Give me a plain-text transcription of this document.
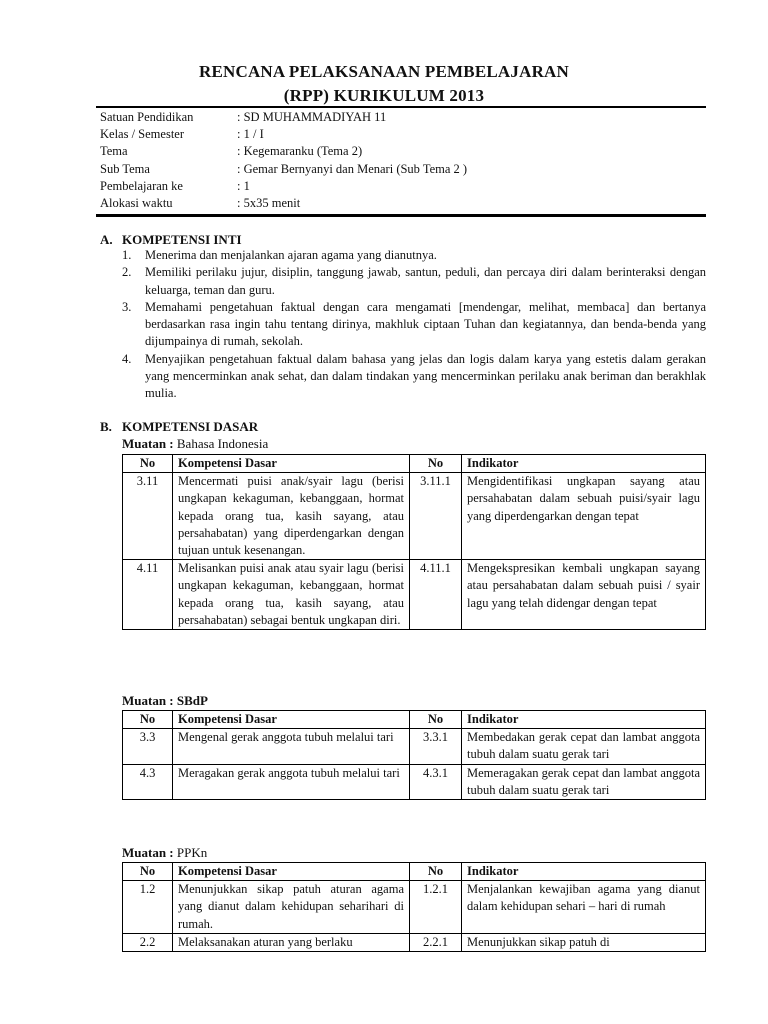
RENCANA PELAKSANAAN PEMBELAJARAN
(RPP) KURIKULUM 2013
Satuan Pendidikan	: SD MUHAMMADIYAH 11
Kelas / Semester	: 1 / I
Tema	: Kegemaranku (Tema 2)
Sub Tema	: Gemar Bernyanyi dan Menari (Sub Tema 2 )
Pembelajaran ke	: 1
Alokasi waktu	: 5x35 menit
A. KOMPETENSI INTI
1. Menerima dan menjalankan ajaran agama yang dianutnya.
2. Memiliki perilaku jujur, disiplin, tanggung jawab, santun, peduli, dan percaya diri dalam berinteraksi dengan keluarga, teman dan guru.
3. Memahami pengetahuan faktual dengan cara mengamati [mendengar, melihat, membaca] dan bertanya berdasarkan rasa ingin tahu tentang dirinya, makhluk ciptaan Tuhan dan kegiatannya, dan benda-benda yang dijumpainya di rumah, sekolah.
4. Menyajikan pengetahuan faktual dalam bahasa yang jelas dan logis dalam karya yang estetis dalam gerakan yang mencerminkan anak sehat, dan dalam tindakan yang mencerminkan perilaku anak beriman dan berakhlak mulia.
B. KOMPETENSI DASAR
Muatan : Bahasa Indonesia
No	Kompetensi Dasar	No	Indikator
3.11	Mencermati puisi anak/syair lagu (berisi ungkapan kekaguman, kebanggaan, hormat kepada orang tua, kasih sayang, atau persahabatan) yang diperdengarkan dengan tujuan untuk kesenangan.	3.11.1	Mengidentifikasi ungkapan sayang atau persahabatan dalam sebuah puisi/syair lagu yang diperdengarkan dengan tepat
4.11	Melisankan puisi anak atau syair lagu (berisi ungkapan kekaguman, kebanggaan, hormat kepada orang tua, kasih sayang, atau persahabatan) sebagai bentuk ungkapan diri.	4.11.1	Mengekspresikan kembali ungkapan sayang atau persahabatan dalam sebuah puisi / syair lagu yang telah didengar dengan tepat
Muatan : SBdP
No	Kompetensi Dasar	No	Indikator
3.3	Mengenal gerak anggota tubuh melalui tari	3.3.1	Membedakan gerak cepat dan lambat anggota tubuh dalam suatu gerak tari
4.3	Meragakan gerak anggota tubuh melalui tari	4.3.1	Memeragakan gerak cepat dan lambat anggota tubuh dalam suatu gerak tari
Muatan : PPKn
No	Kompetensi Dasar	No	Indikator
1.2	Menunjukkan sikap patuh aturan agama yang dianut dalam kehidupan seharihari di rumah.	1.2.1	Menjalankan kewajiban agama yang dianut dalam kehidupan sehari – hari di rumah
2.2	Melaksanakan aturan yang berlaku	2.2.1	Menunjukkan sikap patuh di
